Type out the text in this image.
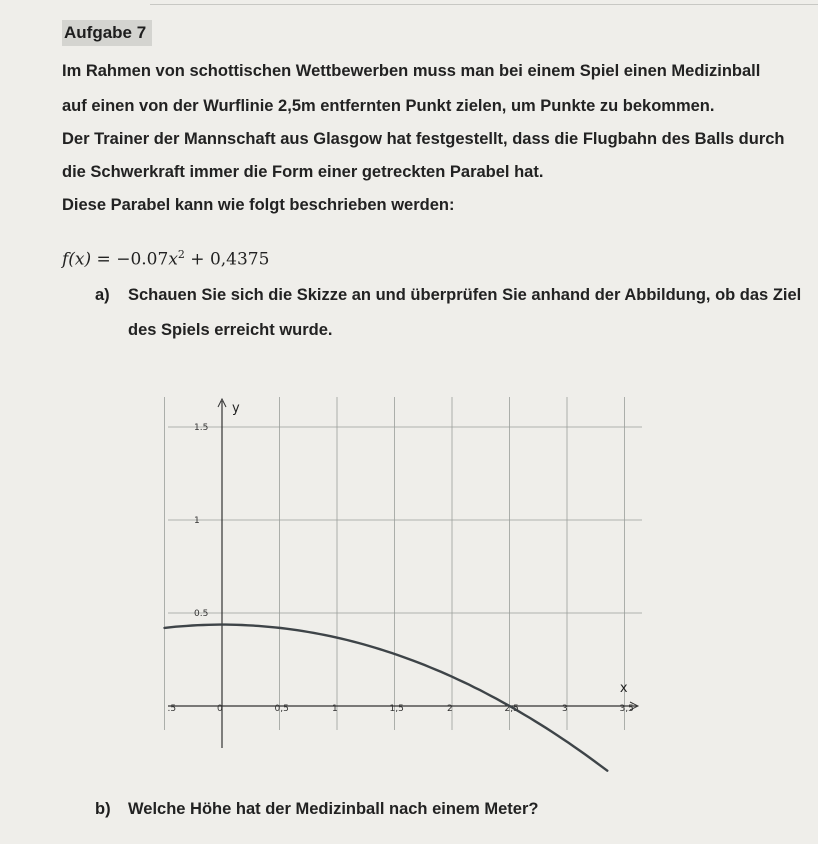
Aufgabe 7
Im Rahmen von schottischen Wettbewerben muss man bei einem Spiel einen Medizinball
auf einen von der Wurflinie 2,5m entfernten Punkt zielen, um Punkte zu bekommen.
Der Trainer der Mannschaft aus Glasgow hat festgestellt, dass die Flugbahn des Balls durch
die Schwerkraft immer die Form einer getreckten Parabel hat.
Diese Parabel kann wie folgt beschrieben werden:
$f(x) = -0.07x^2 + 0,4375$
a) Schauen Sie sich die Skizze an und überprüfen Sie anhand der Abbildung, ob das Ziel
des Spiels erreicht wurde.
y
x
.5	0	0,5	1	1,5	2	2,5	3	3,5
0.5
1
1.5
b) Welche Höhe hat der Medizinball nach einem Meter?
